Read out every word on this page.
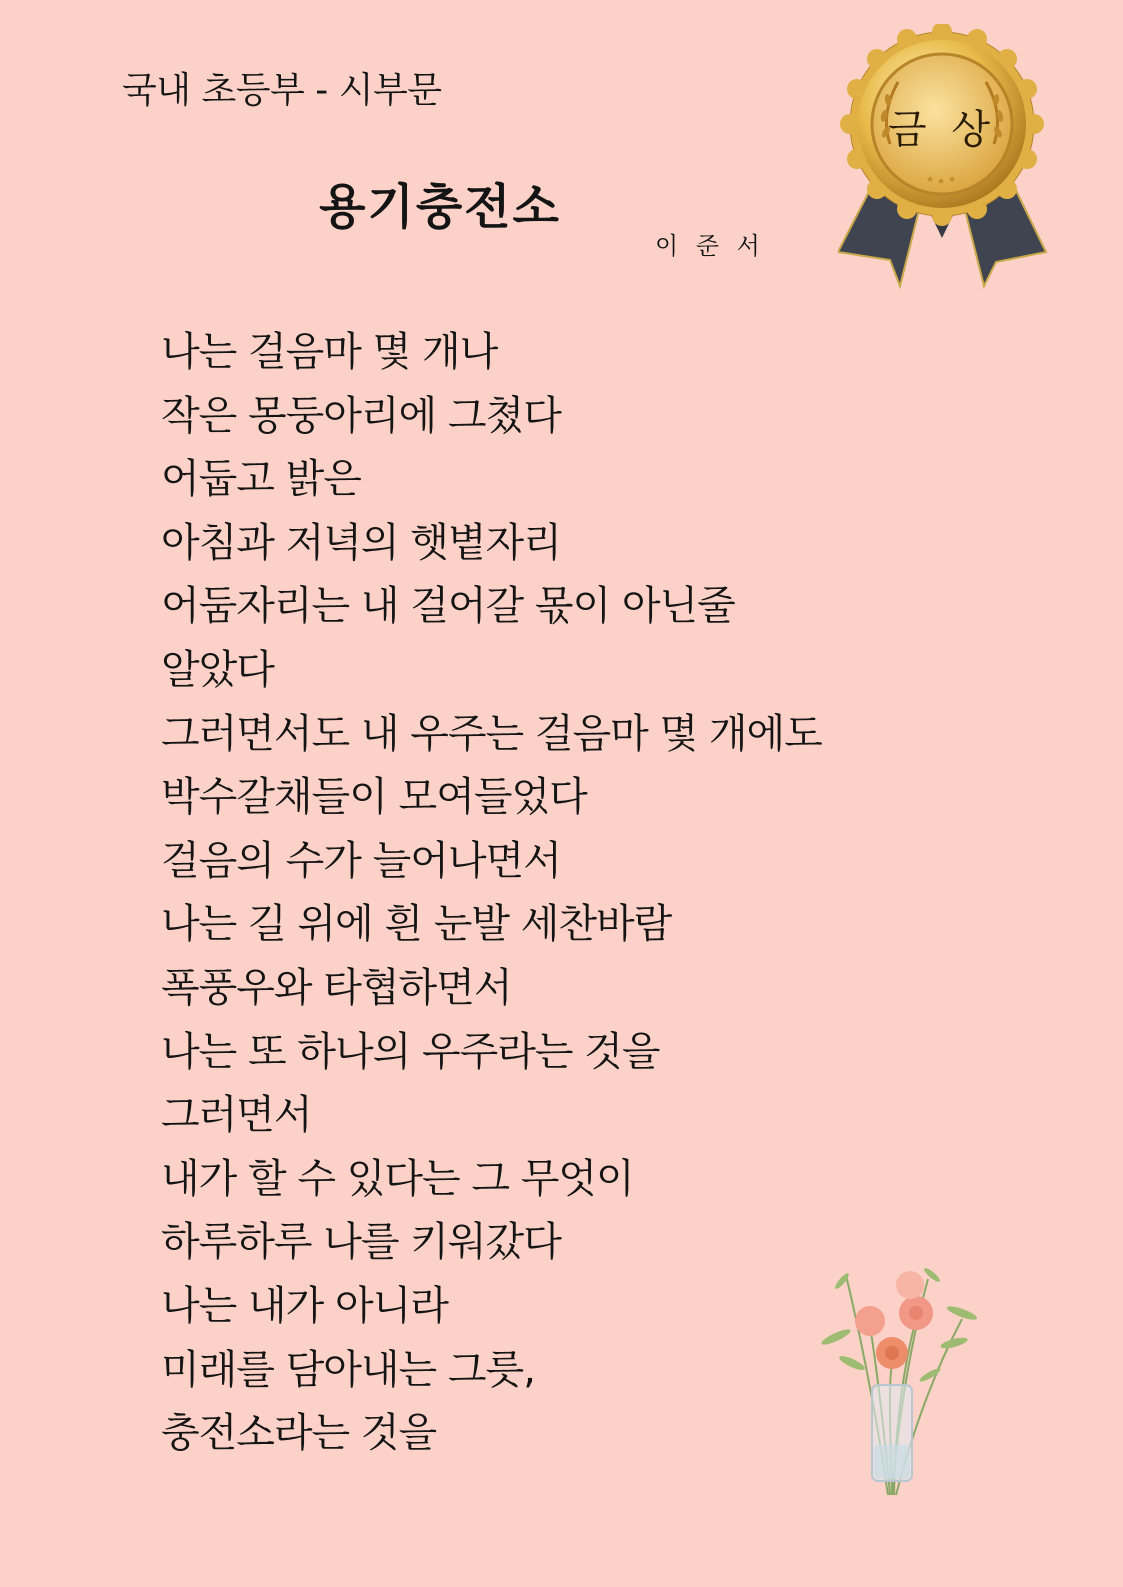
국내 초등부 - 시부문
용기충전소
이 준 서
★ ★ ★
금 상
나는 걸음마 몇 개나
작은 몽둥아리에 그쳤다
어둡고 밝은
아침과 저녁의 햇볕자리
어둠자리는 내 걸어갈 몫이 아닌줄
알았다
그러면서도 내 우주는 걸음마 몇 개에도
박수갈채들이 모여들었다
걸음의 수가 늘어나면서
나는 길 위에 흰 눈발 세찬바람
폭풍우와 타협하면서
나는 또 하나의 우주라는 것을
그러면서
내가 할 수 있다는 그 무엇이
하루하루 나를 키워갔다
나는 내가 아니라
미래를 담아내는 그릇,
충전소라는 것을
